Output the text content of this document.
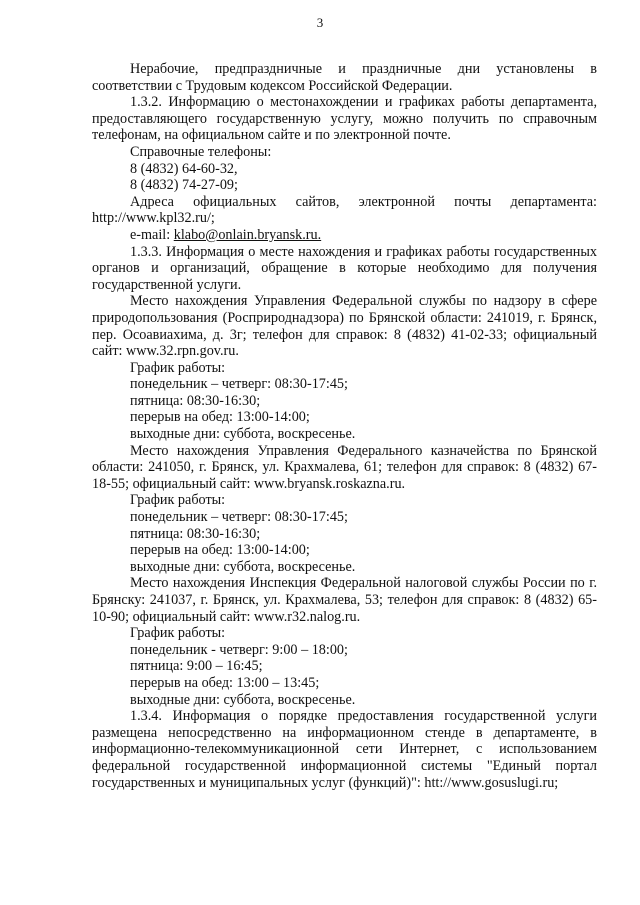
3

Нерабочие, предпраздничные и праздничные дни установлены в соответствии с Трудовым кодексом Российской Федерации.

1.3.2. Информацию о местонахождении и графиках работы департамента, предоставляющего государственную услугу, можно получить по справочным телефонам, на официальном сайте и по электронной почте.

Справочные телефоны:

8 (4832) 64-60-32,

8 (4832) 74-27-09;

Адреса официальных сайтов, электронной почты департамента: http://www.kpl32.ru/;

e-mail: klabo@onlain.bryansk.ru.

1.3.3. Информация о месте нахождения и графиках работы государственных органов и организаций, обращение в которые необходимо для получения государственной услуги.

Место нахождения Управления Федеральной службы по надзору в сфере природопользования (Росприроднадзора) по Брянской области: 241019, г. Брянск, пер. Осоавиахима, д. 3г; телефон для справок: 8 (4832) 41-02-33; официальный сайт: www.32.rpn.gov.ru.

График работы:

понедельник – четверг: 08:30-17:45;

пятница: 08:30-16:30;

перерыв на обед: 13:00-14:00;

выходные дни: суббота, воскресенье.

Место нахождения Управления Федерального казначейства по Брянской области: 241050, г. Брянск, ул. Крахмалева, 61; телефон для справок: 8 (4832) 67-18-55; официальный сайт: www.bryansk.roskazna.ru.

График работы:

понедельник – четверг: 08:30-17:45;

пятница: 08:30-16:30;

перерыв на обед: 13:00-14:00;

выходные дни: суббота, воскресенье.

Место нахождения Инспекция Федеральной налоговой службы России по г. Брянску: 241037, г. Брянск, ул. Крахмалева, 53; телефон для справок: 8 (4832) 65-10-90; официальный сайт: www.r32.nalog.ru.

График работы:

понедельник - четверг: 9:00 – 18:00;

пятница: 9:00 – 16:45;

перерыв на обед: 13:00 – 13:45;

выходные дни: суббота, воскресенье.

1.3.4. Информация о порядке предоставления государственной услуги размещена непосредственно на информационном стенде в департаменте, в информационно-телекоммуникационной сети Интернет, с использованием федеральной государственной информационной системы "Единый портал государственных и муниципальных услуг (функций)": htt://www.gosuslugi.ru;
